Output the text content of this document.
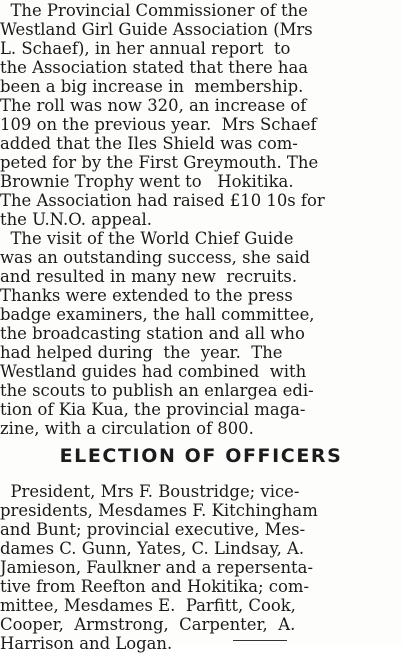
The Provincial Commissioner of the
Westland Girl Guide Association (Mrs
L. Schaef), in her annual report  to
the Association stated that there haa
been a big increase in  membership.
The roll was now 320, an increase of
109 on the previous year.  Mrs Schaef
added that the Iles Shield was com-
peted for by the First Greymouth. The
Brownie Trophy went to   Hokitika.
The Association had raised £10 10s for
the U.N.O. appeal.
The visit of the World Chief Guide
was an outstanding success, she said
and resulted in many new  recruits.
Thanks were extended to the press
badge examiners, the hall committee,
the broadcasting station and all who
had helped during  the  year.  The
Westland guides had combined  with
the scouts to publish an enlargea edi-
tion of Kia Kua, the provincial maga-
zine, with a circulation of 800.
ELECTION OF OFFICERS
President, Mrs F. Boustridge; vice-
presidents, Mesdames F. Kitchingham
and Bunt; provincial executive, Mes-
dames C. Gunn, Yates, C. Lindsay, A.
Jamieson, Faulkner and a repersenta-
tive from Reefton and Hokitika; com-
mittee, Mesdames E.  Parfitt, Cook,
Cooper,  Armstrong,  Carpenter,  A.
Harrison and Logan.
